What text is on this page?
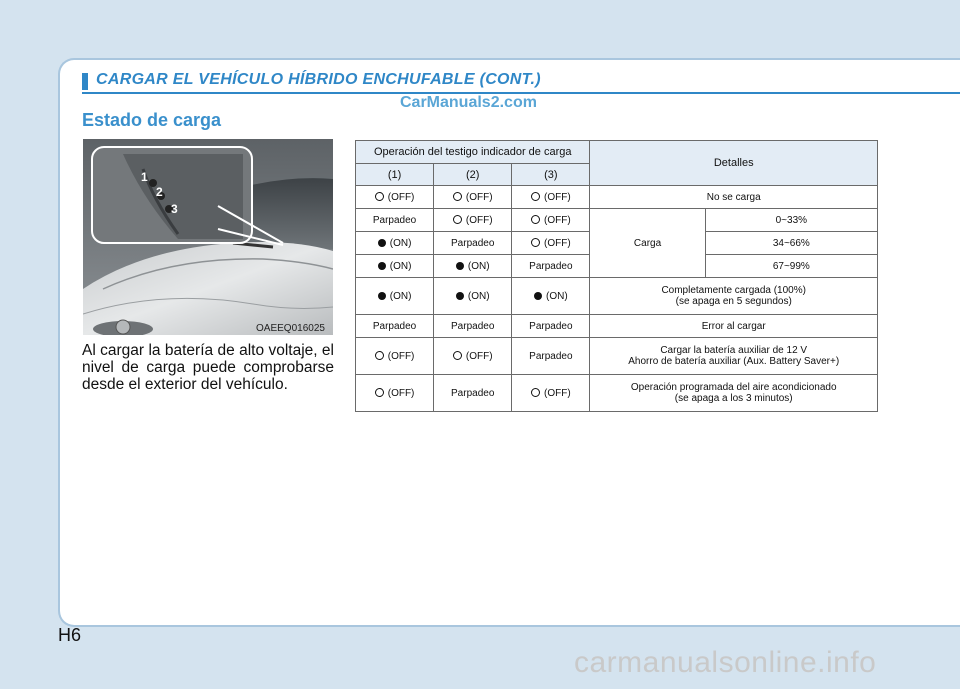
CARGAR EL VEHÍCULO HÍBRIDO ENCHUFABLE (CONT.)
CarManuals2.com
Estado de carga
1
2
3
OAEEQ016025
Al cargar la batería de alto voltaje, el nivel de carga puede comprobarse desde el exterior del vehículo.
Operación del testigo indicador de carga			Detalles	
(1)	(2)	(3)		
(OFF)	(OFF)	(OFF)	No se carga	
Parpadeo	(OFF)	(OFF)	Carga	0~33%
(ON)	Parpadeo	(OFF)		34~66%
(ON)	(ON)	Parpadeo		67~99%
(ON)	(ON)	(ON)	Completamente cargada (100%)
(se apaga en 5 segundos)	

Parpadeo	Parpadeo	Parpadeo	Error al cargar	
(OFF)	(OFF)	Parpadeo	Cargar la batería auxiliar de 12 V
Ahorro de batería auxiliar (Aux. Battery Saver+)	

(OFF)	Parpadeo	(OFF)	Operación programada del aire acondicionado
(se apaga a los 3 minutos)	
H6
carmanualsonline.info
